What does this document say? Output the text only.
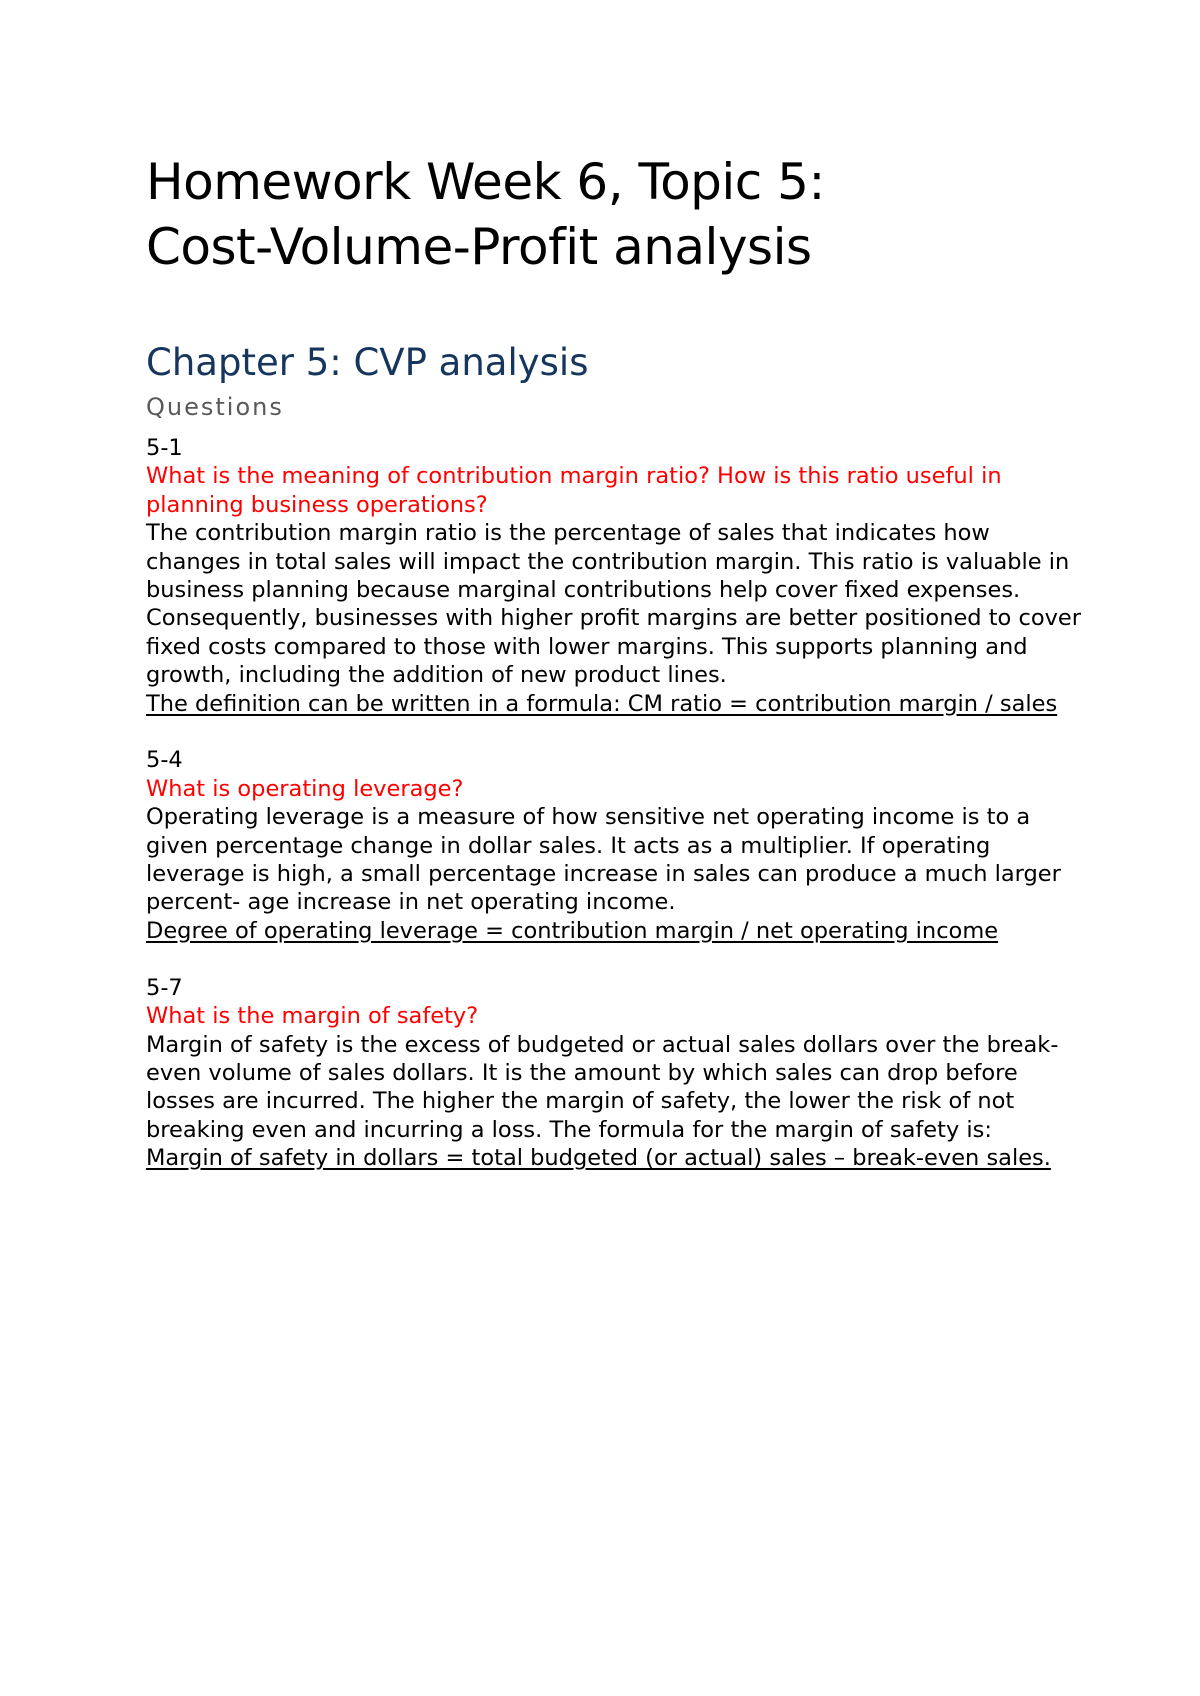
Homework Week 6, Topic 5:
Cost-Volume-Profit analysis
Chapter 5: CVP analysis
Questions
5-1
What is the meaning of contribution margin ratio? How is this ratio useful in planning business operations?
The contribution margin ratio is the percentage of sales that indicates how changes in total sales will impact the contribution margin. This ratio is valuable in business planning because marginal contributions help cover fixed expenses. Consequently, businesses with higher profit margins are better positioned to cover fixed costs compared to those with lower margins. This supports planning and growth, including the addition of new product lines.
The definition can be written in a formula: CM ratio = contribution margin / sales
5-4
What is operating leverage?
Operating leverage is a measure of how sensitive net operating income is to a given percentage change in dollar sales. It acts as a multiplier. If operating leverage is high, a small percentage increase in sales can produce a much larger percent- age increase in net operating income.
Degree of operating leverage = contribution margin / net operating income
5-7
What is the margin of safety?
Margin of safety is the excess of budgeted or actual sales dollars over the break-even volume of sales dollars. It is the amount by which sales can drop before losses are incurred. The higher the margin of safety, the lower the risk of not breaking even and incurring a loss. The formula for the margin of safety is:
Margin of safety in dollars = total budgeted (or actual) sales – break-even sales.
